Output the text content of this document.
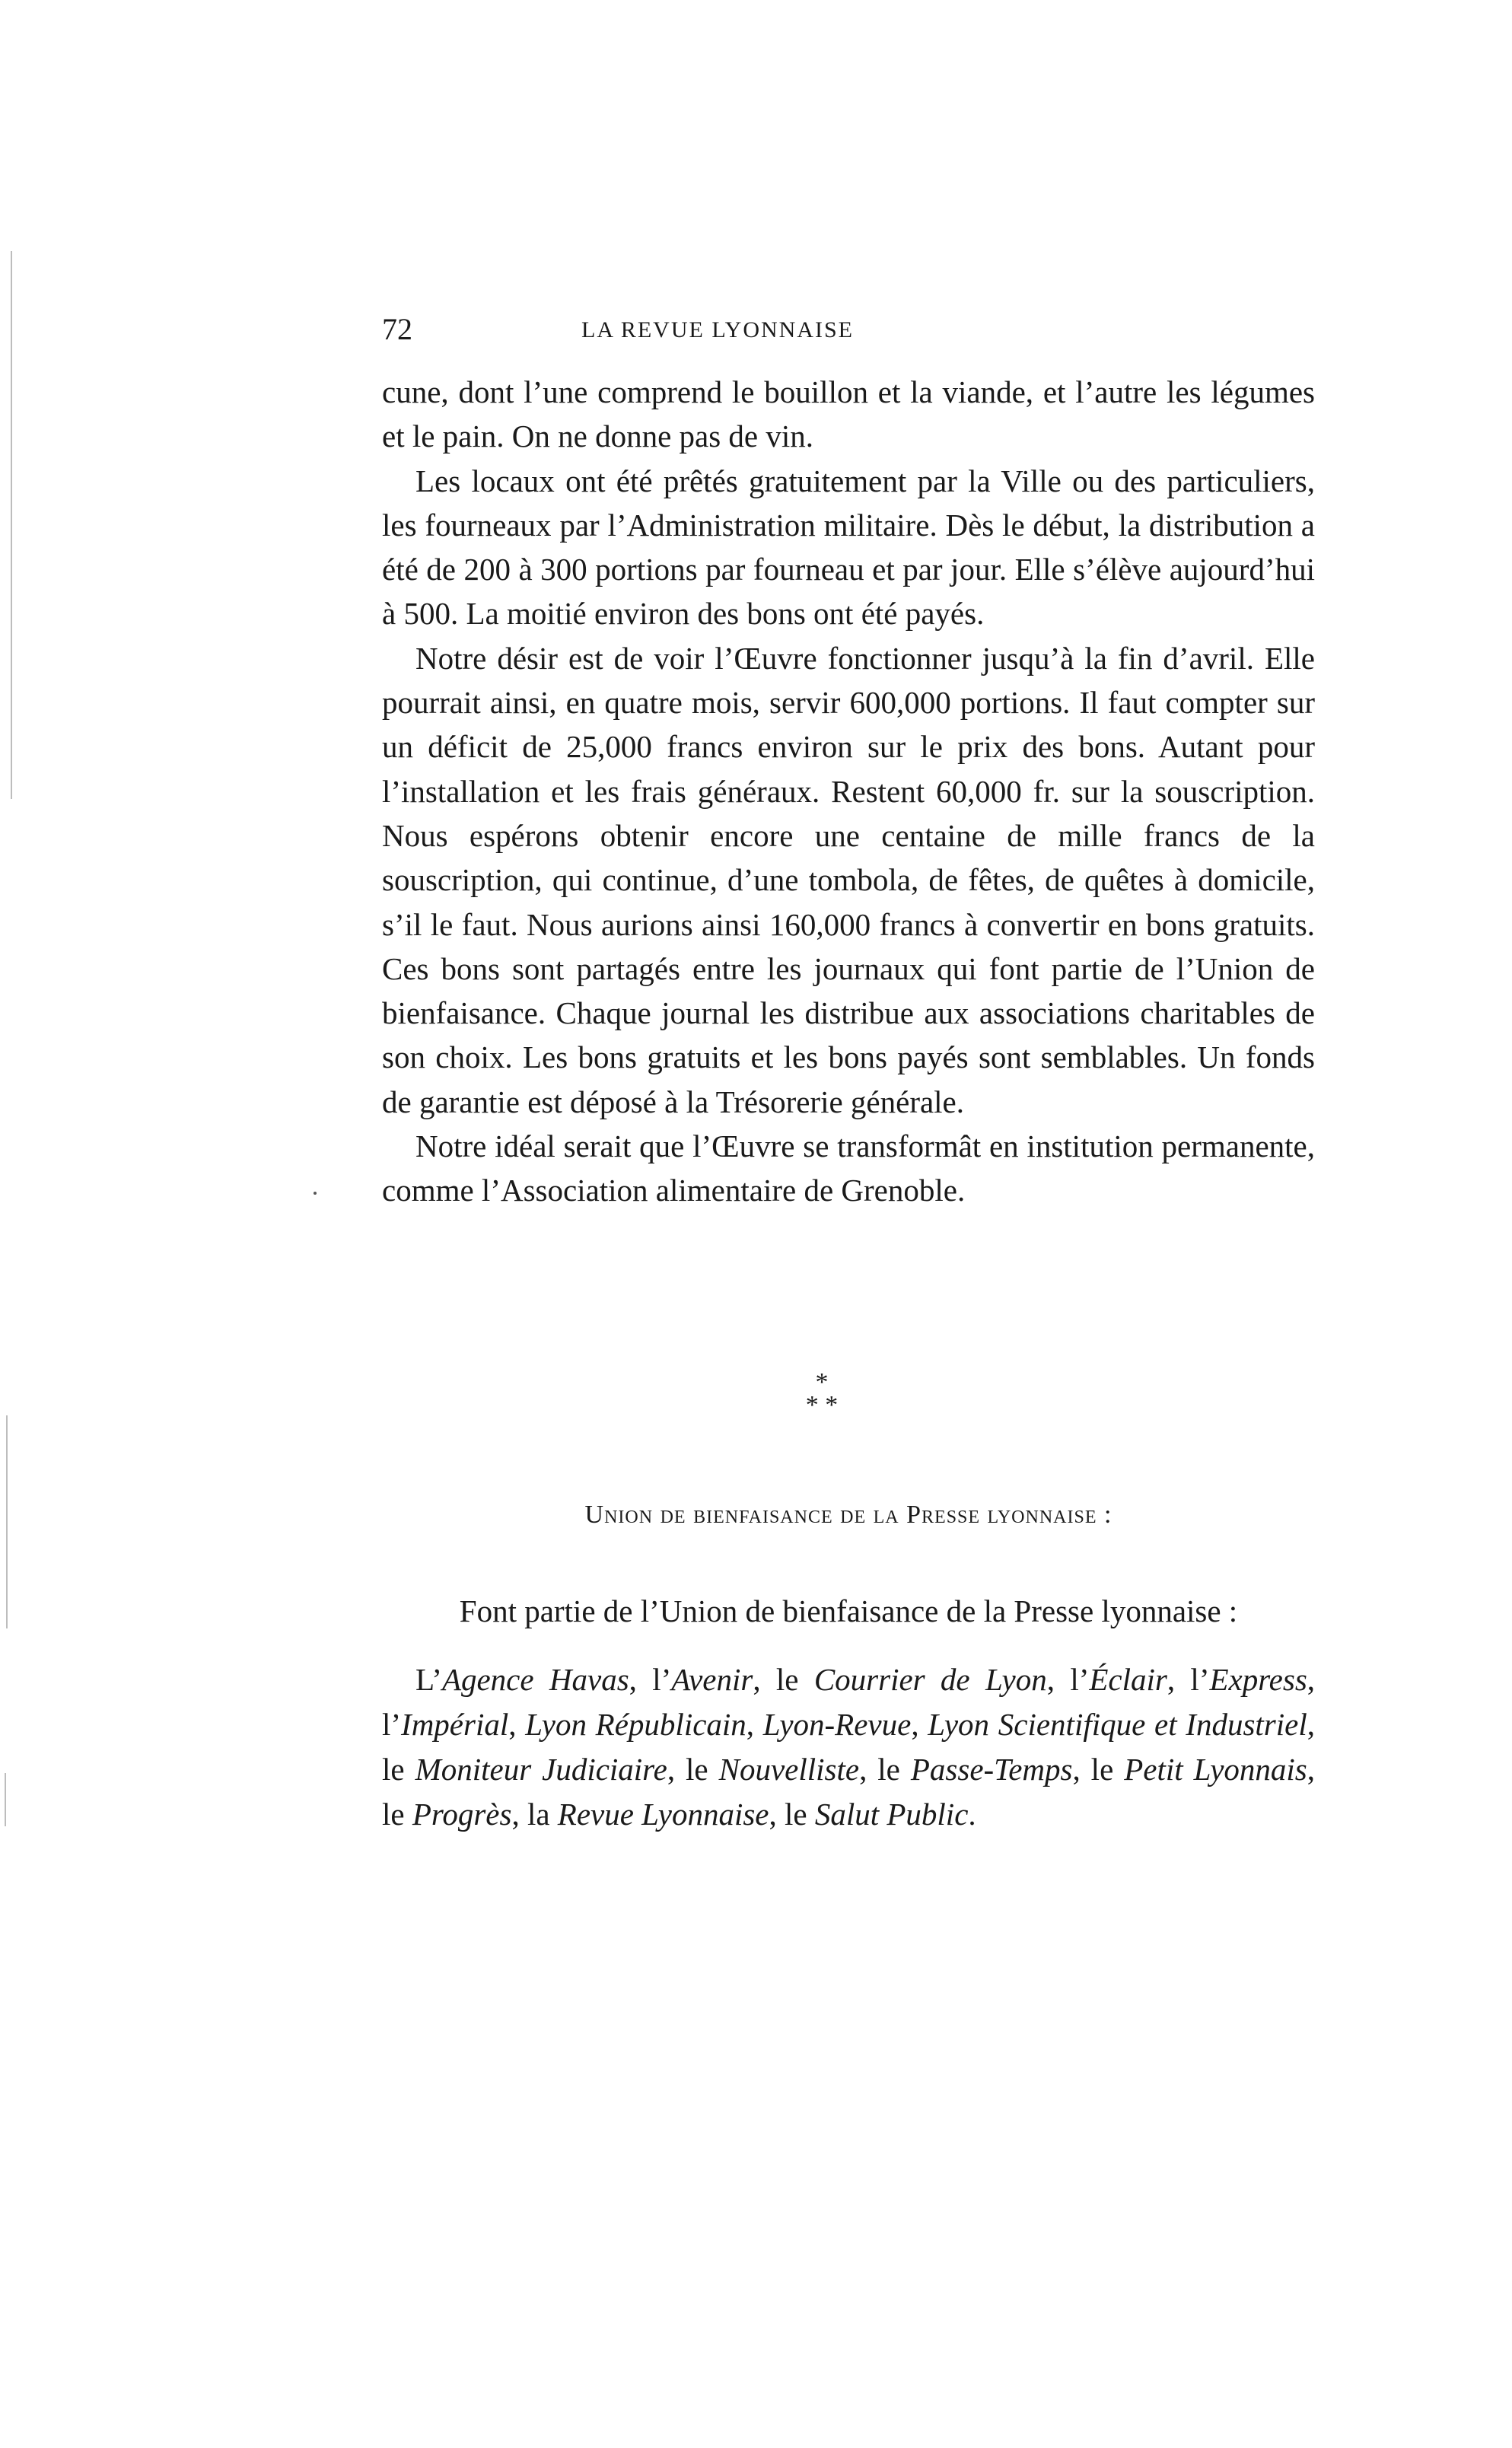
72	LA REVUE LYONNAISE

cune, dont l’une comprend le bouillon et la viande, et l’autre les légumes et le pain. On ne donne pas de vin.

Les locaux ont été prêtés gratuitement par la Ville ou des particuliers, les fourneaux par l’Administration militaire. Dès le début, la distribution a été de 200 à 300 portions par fourneau et par jour. Elle s’élève aujourd’hui à 500. La moitié environ des bons ont été payés.

Notre désir est de voir l’Œuvre fonctionner jusqu’à la fin d’avril. Elle pourrait ainsi, en quatre mois, servir 600,000 portions. Il faut compter sur un déficit de 25,000 francs environ sur le prix des bons. Autant pour l’installation et les frais généraux. Restent 60,000 fr. sur la souscription. Nous espérons obtenir encore une centaine de mille francs de la souscription, qui continue, d’une tombola, de fêtes, de quêtes à domicile, s’il le faut. Nous aurions ainsi 160,000 francs à convertir en bons gratuits. Ces bons sont partagés entre les journaux qui font partie de l’Union de bienfaisance. Chaque journal les distribue aux associations charitables de son choix. Les bons gratuits et les bons payés sont semblables. Un fonds de garantie est déposé à la Trésorerie générale.

Notre idéal serait que l’Œuvre se transformât en institution permanente, comme l’Association alimentaire de Grenoble.

*
* *
Union de bienfaisance de la Presse lyonnaise :

Font partie de l’Union de bienfaisance de la Presse lyonnaise :

L’Agence Havas, l’Avenir, le Courrier de Lyon, l’Éclair, l’Express, l’Impérial, Lyon Républicain, Lyon-Revue, Lyon Scientifique et Industriel, le Moniteur Judiciaire, le Nouvelliste, le Passe-Temps, le Petit Lyonnais, le Progrès, la Revue Lyonnaise, le Salut Public.
